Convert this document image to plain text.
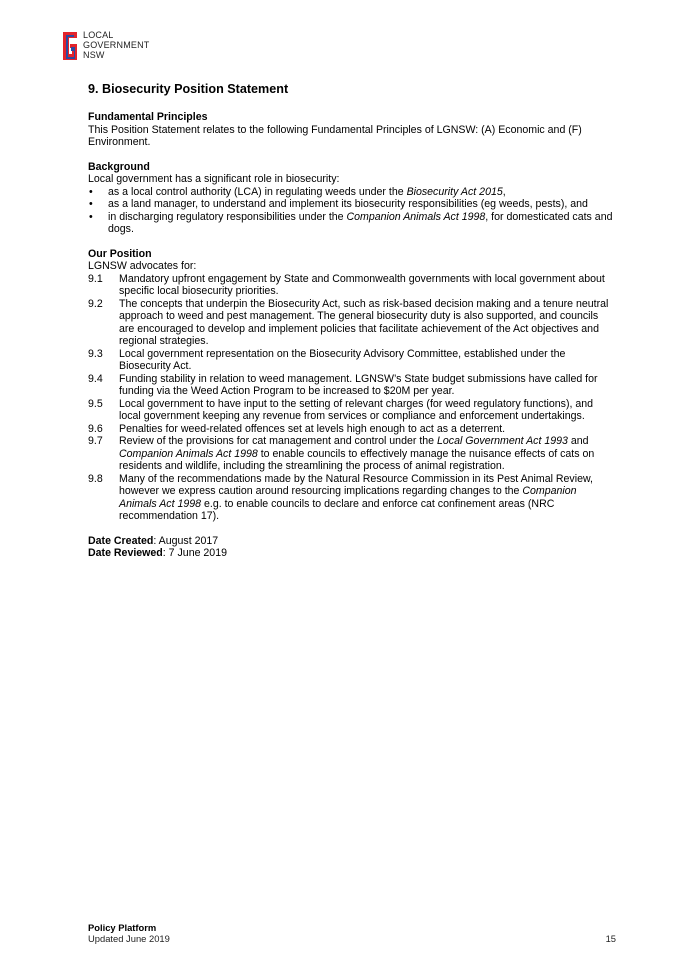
LOCAL
GOVERNMENT
NSW
9. Biosecurity Position Statement

Fundamental Principles

This Position Statement relates to the following Fundamental Principles of LGNSW: (A) Economic and (F) Environment.

Background

Local government has a significant role in biosecurity:

• as a local control authority (LCA) in regulating weeds under the Biosecurity Act 2015,
• as a land manager, to understand and implement its biosecurity responsibilities (eg weeds, pests), and
• in discharging regulatory responsibilities under the Companion Animals Act 1998, for domesticated cats and dogs.

Our Position

LGNSW advocates for:

9.1 Mandatory upfront engagement by State and Commonwealth governments with local government about specific local biosecurity priorities.
9.2 The concepts that underpin the Biosecurity Act, such as risk-based decision making and a tenure neutral approach to weed and pest management. The general biosecurity duty is also supported, and councils are encouraged to develop and implement policies that facilitate achievement of the Act objectives and regional strategies.
9.3 Local government representation on the Biosecurity Advisory Committee, established under the Biosecurity Act.
9.4 Funding stability in relation to weed management. LGNSW’s State budget submissions have called for funding via the Weed Action Program to be increased to $20M per year.
9.5 Local government to have input to the setting of relevant charges (for weed regulatory functions), and local government keeping any revenue from services or compliance and enforcement undertakings.
9.6 Penalties for weed-related offences set at levels high enough to act as a deterrent.
9.7 Review of the provisions for cat management and control under the Local Government Act 1993 and Companion Animals Act 1998 to enable councils to effectively manage the nuisance effects of cats on residents and wildlife, including the streamlining the process of animal registration.
9.8 Many of the recommendations made by the Natural Resource Commission in its Pest Animal Review, however we express caution around resourcing implications regarding changes to the Companion Animals Act 1998 e.g. to enable councils to declare and enforce cat confinement areas (NRC recommendation 17).

Date Created: August 2017

Date Reviewed: 7 June 2019

Policy Platform
Updated June 2019	15
